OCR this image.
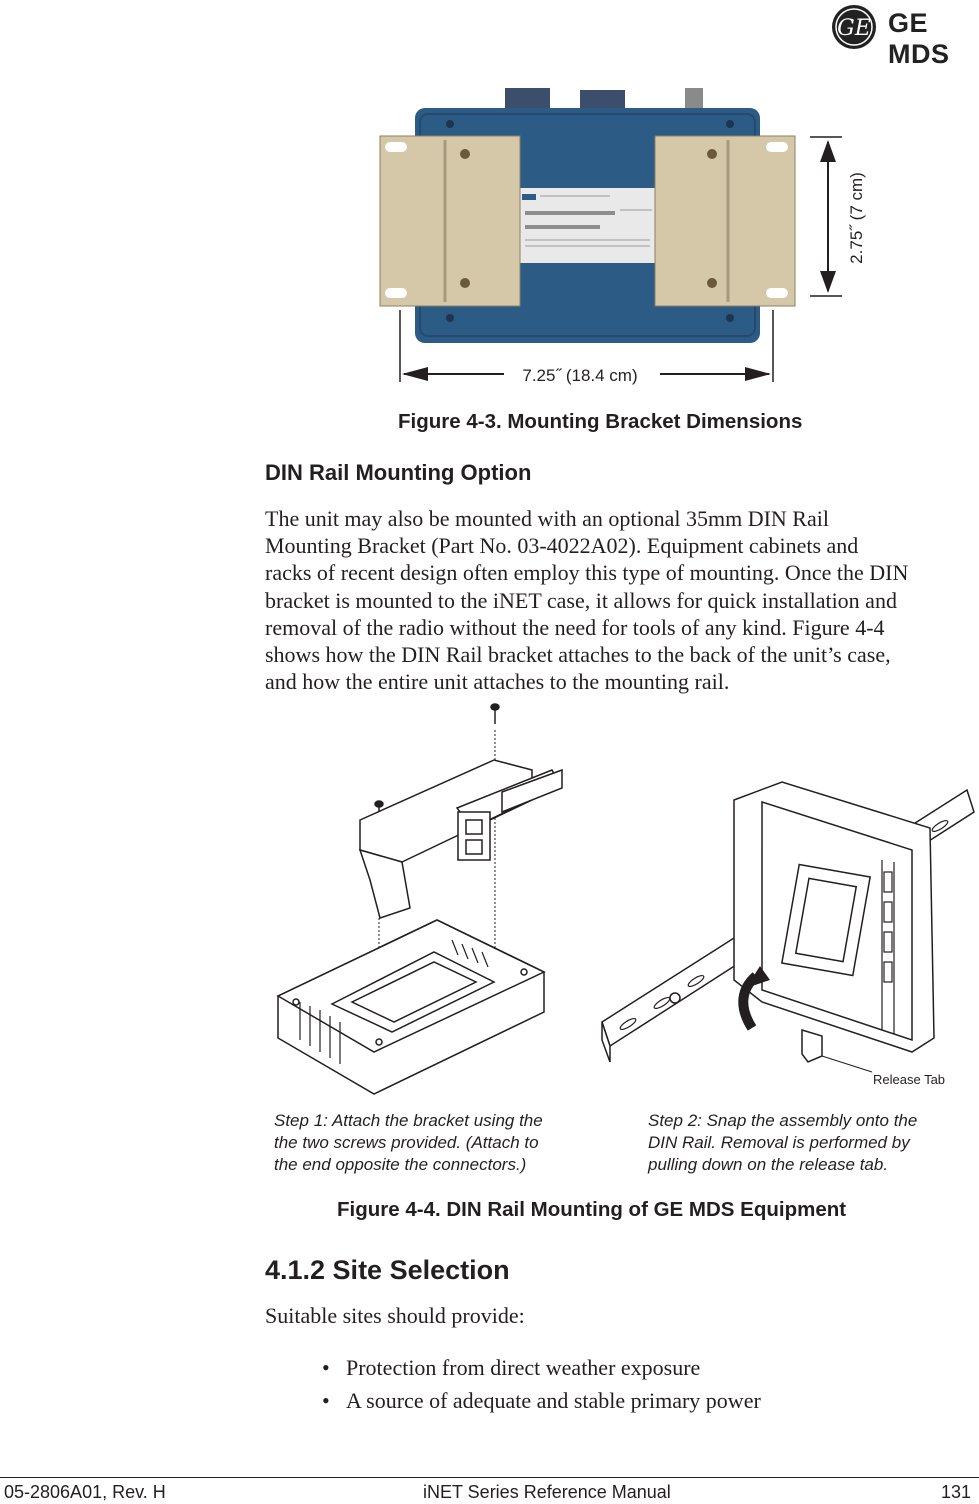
GE GE MDS
7.25˝ (18.4 cm)
2.75˝ (7 cm)
Figure 4-3. Mounting Bracket Dimensions
DIN Rail Mounting Option
The unit may also be mounted with an optional 35mm DIN Rail
Mounting Bracket (Part No. 03-4022A02). Equipment cabinets and
racks of recent design often employ this type of mounting. Once the DIN
bracket is mounted to the iNET case, it allows for quick installation and
removal of the radio without the need for tools of any kind. Figure 4-4
shows how the DIN Rail bracket attaches to the back of the unit’s case,
and how the entire unit attaches to the mounting rail.
Release Tab
Step 1: Attach the bracket using the
the two screws provided. (Attach to
the end opposite the connectors.)
Step 2: Snap the assembly onto the
DIN Rail. Removal is performed by
pulling down on the release tab.
Figure 4-4. DIN Rail Mounting of GE MDS Equipment
4.1.2 Site Selection
Suitable sites should provide:
• Protection from direct weather exposure
• A source of adequate and stable primary power
05-2806A01, Rev. H	iNET Series Reference Manual	131
